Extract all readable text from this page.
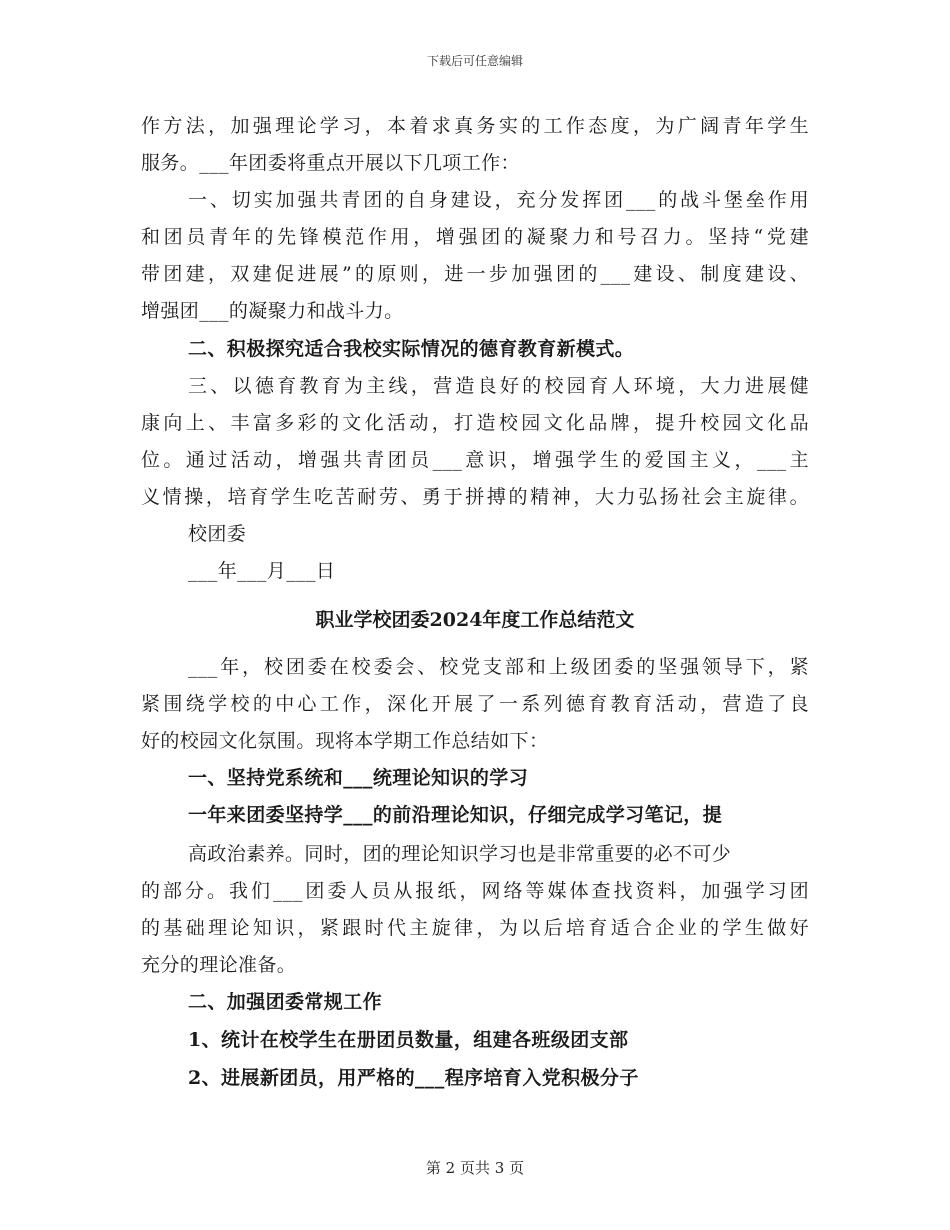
下载后可任意编辑
作方法，加强理论学习，本着求真务实的工作态度，为广阔青年学生
服务。___年团委将重点开展以下几项工作：
一、切实加强共青团的自身建设，充分发挥团___的战斗堡垒作用
和团员青年的先锋模范作用，增强团的凝聚力和号召力。坚持“党建
带团建，双建促进展”的原则，进一步加强团的___建设、制度建设、
增强团___的凝聚力和战斗力。
二、积极探究适合我校实际情况的德育教育新模式。
三、以德育教育为主线，营造良好的校园育人环境，大力进展健
康向上、丰富多彩的文化活动，打造校园文化品牌，提升校园文化品
位。通过活动，增强共青团员___意识，增强学生的爱国主义，___主
义情操，培育学生吃苦耐劳、勇于拼搏的精神，大力弘扬社会主旋律。
校团委
___年___月___日
职业学校团委2024年度工作总结范文
___年，校团委在校委会、校党支部和上级团委的坚强领导下，紧
紧围绕学校的中心工作，深化开展了一系列德育教育活动，营造了良
好的校园文化氛围。现将本学期工作总结如下：
一、坚持党系统和___统理论知识的学习
一年来团委坚持学___的前沿理论知识，仔细完成学习笔记，提
高政治素养。同时，团的理论知识学习也是非常重要的必不可少
的部分。我们___团委人员从报纸，网络等媒体查找资料，加强学习团
的基础理论知识，紧跟时代主旋律，为以后培育适合企业的学生做好
充分的理论准备。
二、加强团委常规工作
1、统计在校学生在册团员数量，组建各班级团支部
2、进展新团员，用严格的___程序培育入党积极分子
第 2 页共 3 页
